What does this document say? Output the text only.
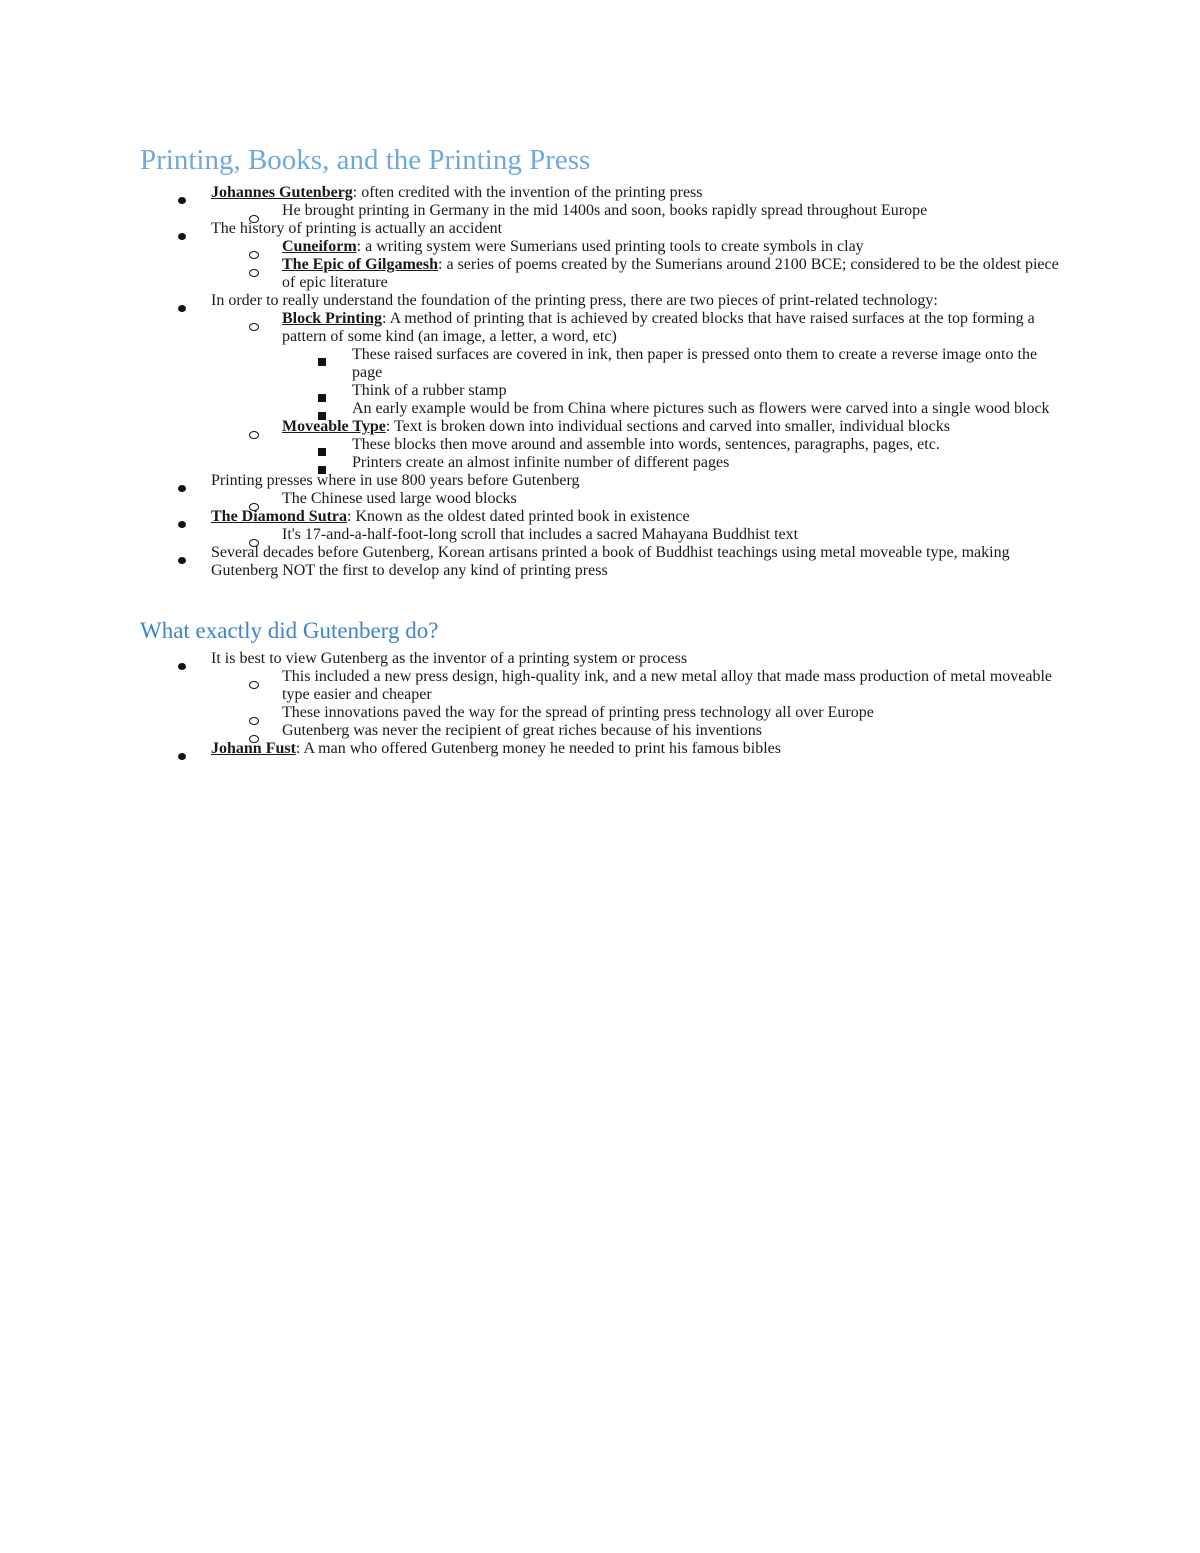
Printing, Books, and the Printing Press
Johannes Gutenberg: often credited with the invention of the printing press
He brought printing in Germany in the mid 1400s and soon, books rapidly spread throughout Europe
The history of printing is actually an accident
Cuneiform: a writing system were Sumerians used printing tools to create symbols in clay
The Epic of Gilgamesh: a series of poems created by the Sumerians around 2100 BCE; considered to be the oldest piece of epic literature
In order to really understand the foundation of the printing press, there are two pieces of print-related technology:
Block Printing: A method of printing that is achieved by created blocks that have raised surfaces at the top forming a pattern of some kind (an image, a letter, a word, etc)
These raised surfaces are covered in ink, then paper is pressed onto them to create a reverse image onto the page
Think of a rubber stamp
An early example would be from China where pictures such as flowers were carved into a single wood block
Moveable Type: Text is broken down into individual sections and carved into smaller, individual blocks
These blocks then move around and assemble into words, sentences, paragraphs, pages, etc.
Printers create an almost infinite number of different pages
Printing presses where in use 800 years before Gutenberg
The Chinese used large wood blocks
The Diamond Sutra: Known as the oldest dated printed book in existence
It's 17-and-a-half-foot-long scroll that includes a sacred Mahayana Buddhist text
Several decades before Gutenberg, Korean artisans printed a book of Buddhist teachings using metal moveable type, making Gutenberg NOT the first to develop any kind of printing press
What exactly did Gutenberg do?
It is best to view Gutenberg as the inventor of a printing system or process
This included a new press design, high-quality ink, and a new metal alloy that made mass production of metal moveable type easier and cheaper
These innovations paved the way for the spread of printing press technology all over Europe
Gutenberg was never the recipient of great riches because of his inventions
Johann Fust: A man who offered Gutenberg money he needed to print his famous bibles
